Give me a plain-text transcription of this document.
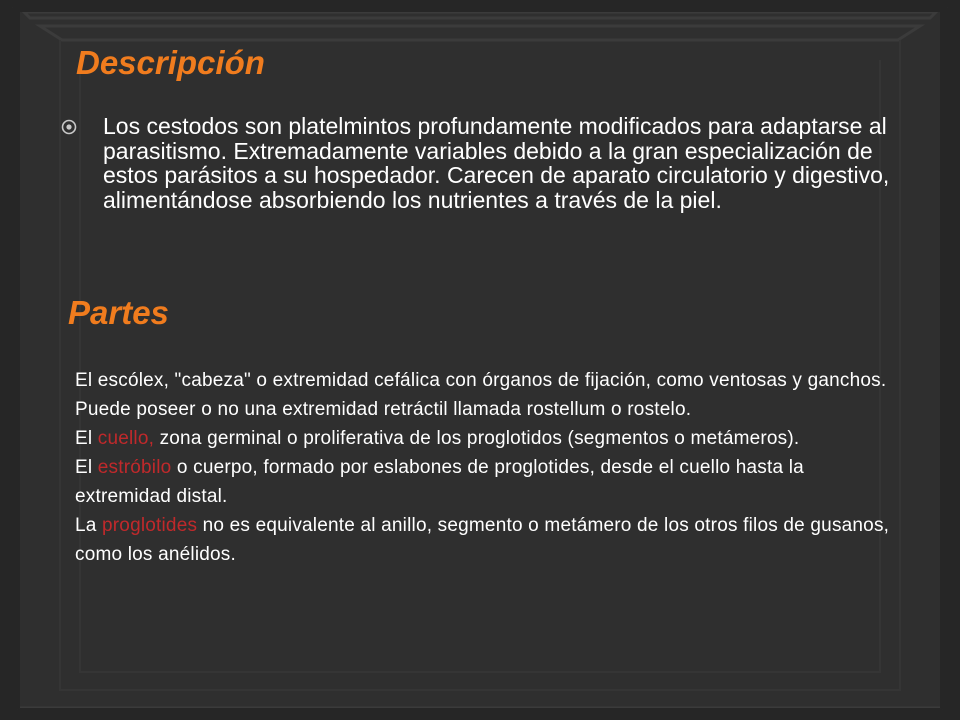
Descripción

Los cestodos son platelmintos profundamente modificados para adaptarse al parasitismo. Extremadamente variables debido a la gran especialización de estos parásitos a su hospedador. Carecen de aparato circulatorio y digestivo, alimentándose absorbiendo los nutrientes a través de la piel.

Partes

El escólex, "cabeza" o extremidad cefálica con órganos de fijación, como ventosas y ganchos. Puede poseer o no una extremidad retráctil llamada rostellum o rostelo.

El cuello, zona germinal o proliferativa de los proglotidos (segmentos o metámeros).

El estróbilo o cuerpo, formado por eslabones de proglotides, desde el cuello hasta la extremidad distal.

La proglotides no es equivalente al anillo, segmento o metámero de los otros filos de gusanos, como los anélidos.
